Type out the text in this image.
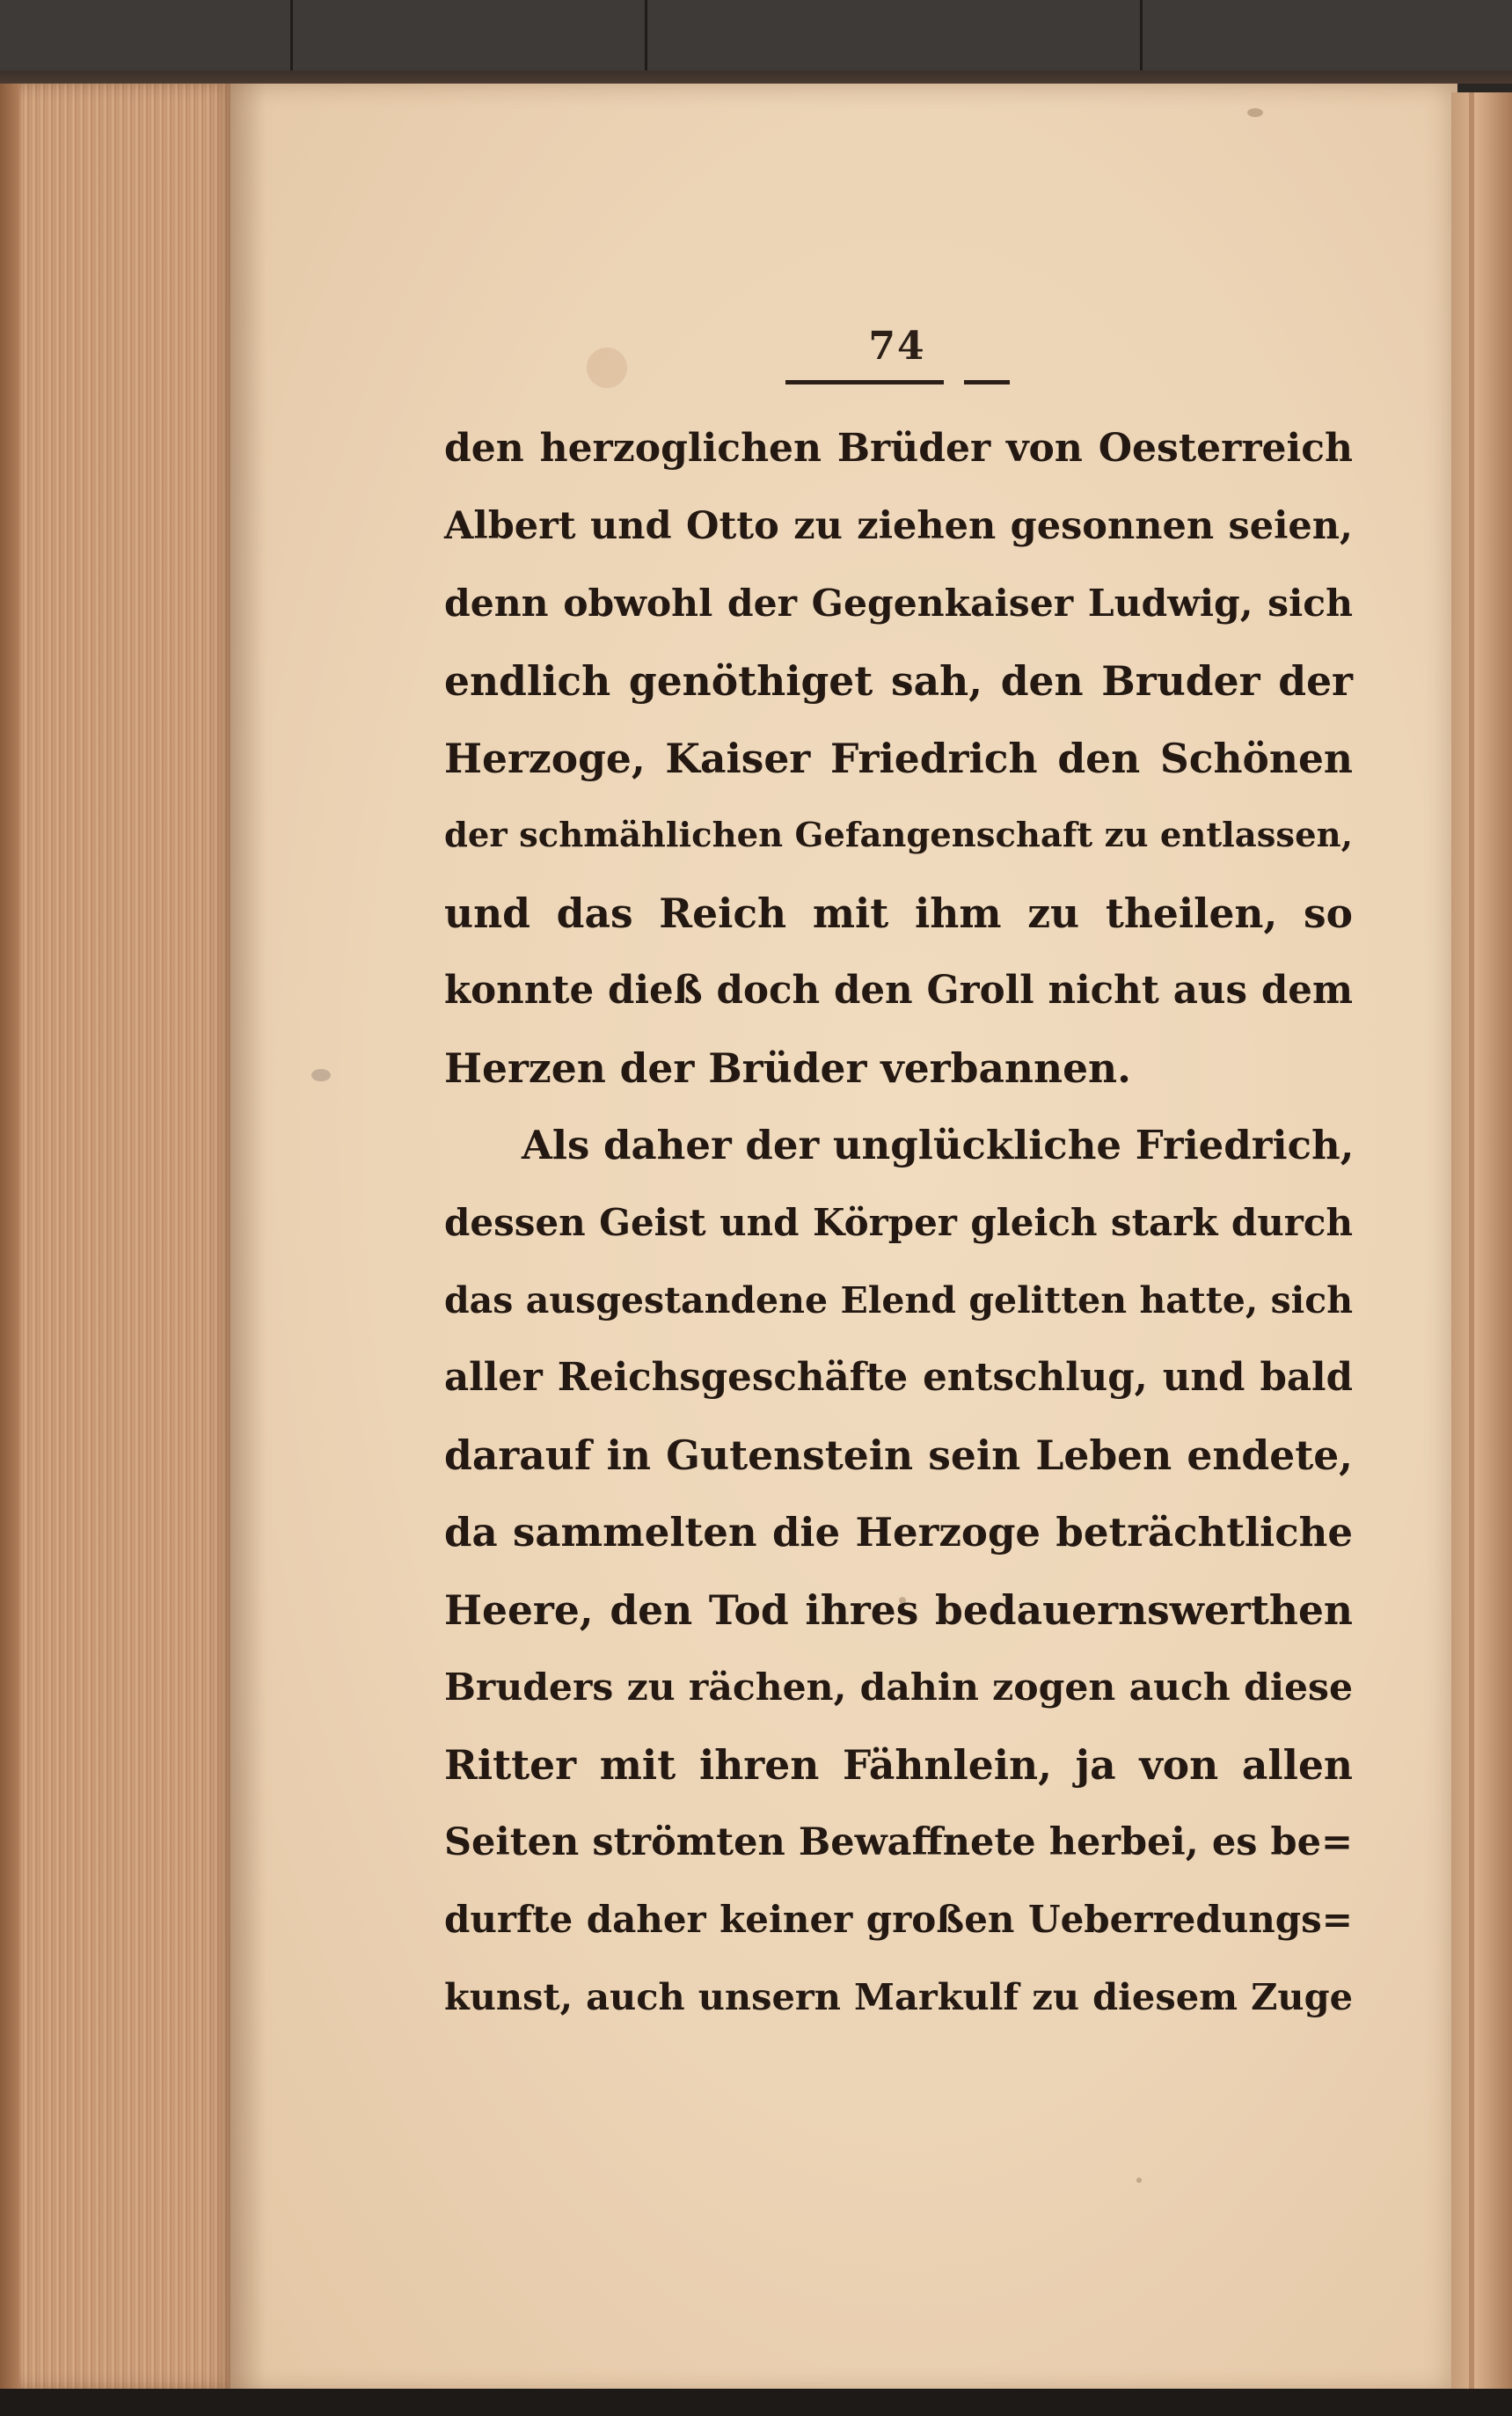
74
den herzoglichen Brüder von Oesterreich
Albert und Otto zu ziehen gesonnen seien,
denn obwohl der Gegenkaiser Ludwig, sich
endlich genöthiget sah, den Bruder der
Herzoge, Kaiser Friedrich den Schönen
der schmählichen Gefangenschaft zu entlassen,
und das Reich mit ihm zu theilen, so
konnte dieß doch den Groll nicht aus dem
Herzen der Brüder verbannen.
Als daher der unglückliche Friedrich,
dessen Geist und Körper gleich stark durch
das ausgestandene Elend gelitten hatte, sich
aller Reichsgeschäfte entschlug, und bald
darauf in Gutenstein sein Leben endete,
da sammelten die Herzoge beträchtliche
Heere, den Tod ihres bedauernswerthen
Bruders zu rächen, dahin zogen auch diese
Ritter mit ihren Fähnlein, ja von allen
Seiten strömten Bewaffnete herbei, es be=
durfte daher keiner großen Ueberredungs=
kunst, auch unsern Markulf zu diesem Zuge
